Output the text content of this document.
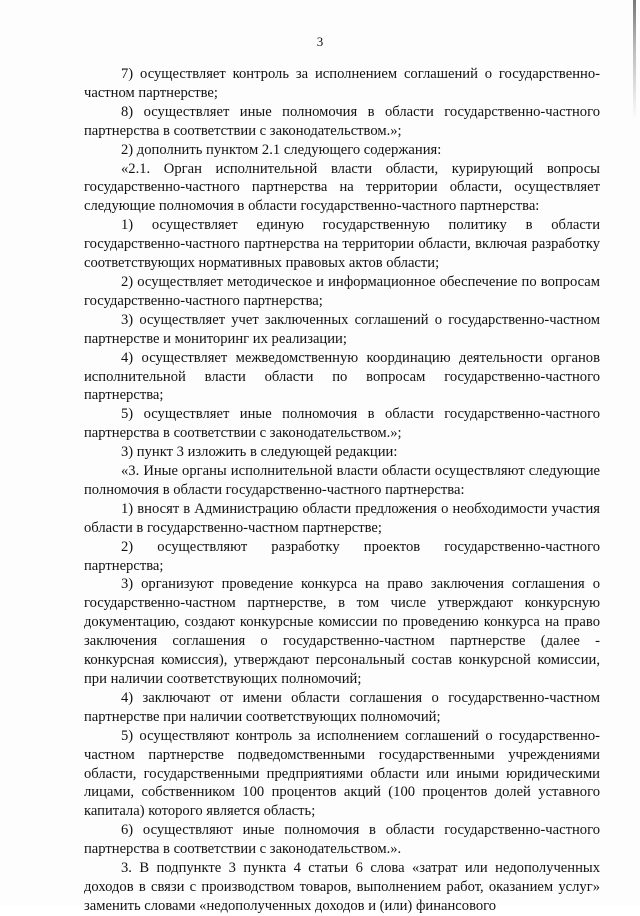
3

7) осуществляет контроль за исполнением соглашений о государственно-частном партнерстве;

8) осуществляет иные полномочия в области государственно-частного партнерства в соответствии с законодательством.»;

2) дополнить пунктом 2.1 следующего содержания:

«2.1. Орган исполнительной власти области, курирующий вопросы государственно-частного партнерства на территории области, осуществляет следующие полномочия в области государственно-частного партнерства:

1) осуществляет единую государственную политику в области государственно-частного партнерства на территории области, включая разработку соответствующих нормативных правовых актов области;

2) осуществляет методическое и информационное обеспечение по вопросам государственно-частного партнерства;

3) осуществляет учет заключенных соглашений о государственно-частном партнерстве и мониторинг их реализации;

4) осуществляет межведомственную координацию деятельности органов исполнительной власти области по вопросам государственно-частного партнерства;

5) осуществляет иные полномочия в области государственно-частного партнерства в соответствии с законодательством.»;

3) пункт 3 изложить в следующей редакции:

«3. Иные органы исполнительной власти области осуществляют следующие полномочия в области государственно-частного партнерства:

1) вносят в Администрацию области предложения о необходимости участия области в государственно-частном партнерстве;

2) осуществляют разработку проектов государственно-частного партнерства;

3) организуют проведение конкурса на право заключения соглашения о государственно-частном партнерстве, в том числе утверждают конкурсную документацию, создают конкурсные комиссии по проведению конкурса на право заключения соглашения о государственно-частном партнерстве (далее - конкурсная комиссия), утверждают персональный состав конкурсной комиссии, при наличии соответствующих полномочий;

4) заключают от имени области соглашения о государственно-частном партнерстве при наличии соответствующих полномочий;

5) осуществляют контроль за исполнением соглашений о государственно-частном партнерстве подведомственными государственными учреждениями области, государственными предприятиями области или иными юридическими лицами, собственником 100 процентов акций (100 процентов долей уставного капитала) которого является область;

6) осуществляют иные полномочия в области государственно-частного партнерства в соответствии с законодательством.».

3. В подпункте 3 пункта 4 статьи 6 слова «затрат или недополученных доходов в связи с производством товаров, выполнением работ, оказанием услуг» заменить словами «недополученных доходов и (или) финансового
